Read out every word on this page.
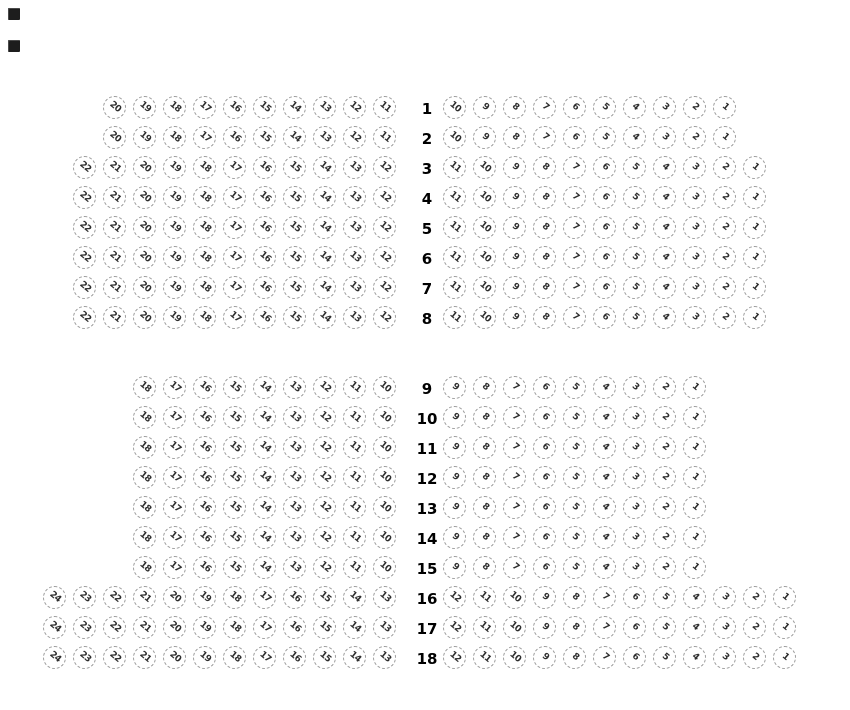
1
20 19 18 17 16 15 14 13 12 11	10 9 8 7 6 5 4 3 2 1
2
20 19 18 17 16 15 14 13 12 11	10 9 8 7 6 5 4 3 2 1
3
22 21 20 19 18 17 16 15 14 13 12	11 10 9 8 7 6 5 4 3 2 1
4
22 21 20 19 18 17 16 15 14 13 12	11 10 9 8 7 6 5 4 3 2 1
5
22 21 20 19 18 17 16 15 14 13 12	11 10 9 8 7 6 5 4 3 2 1
6
22 21 20 19 18 17 16 15 14 13 12	11 10 9 8 7 6 5 4 3 2 1
7
22 21 20 19 18 17 16 15 14 13 12	11 10 9 8 7 6 5 4 3 2 1
8
22 21 20 19 18 17 16 15 14 13 12	11 10 9 8 7 6 5 4 3 2 1
9
18 17 16 15 14 13 12 11 10	9 8 7 6 5 4 3 2 1
10
18 17 16 15 14 13 12 11 10	9 8 7 6 5 4 3 2 1
11
18 17 16 15 14 13 12 11 10	9 8 7 6 5 4 3 2 1
12
18 17 16 15 14 13 12 11 10	9 8 7 6 5 4 3 2 1
13
18 17 16 15 14 13 12 11 10	9 8 7 6 5 4 3 2 1
14
18 17 16 15 14 13 12 11 10	9 8 7 6 5 4 3 2 1
15
18 17 16 15 14 13 12 11 10	9 8 7 6 5 4 3 2 1
16
24 23 22 21 20 19 18 17 16 15 14 13	12 11 10 9 8 7 6 5 4 3 2 1
17
24 23 22 21 20 19 18 17 16 15 14 13	12 11 10 9 8 7 6 5 4 3 2 1
18
24 23 22 21 20 19 18 17 16 15 14 13	12 11 10 9 8 7 6 5 4 3 2 1
